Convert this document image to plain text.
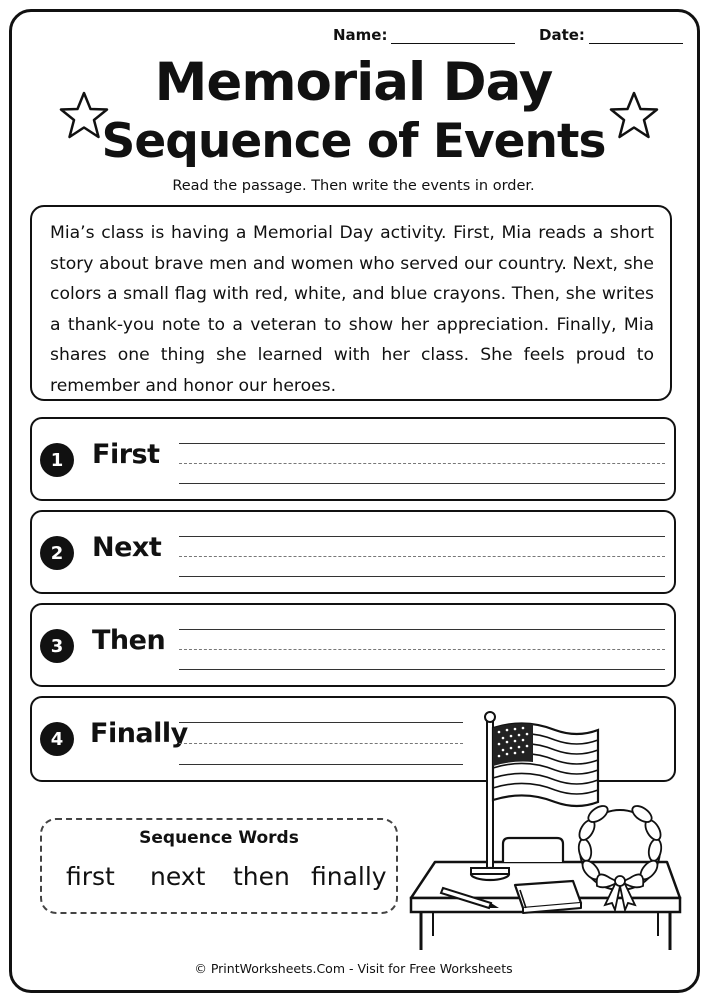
Name:	Date:
Memorial Day
Sequence of Events
Read the passage. Then write the events in order.
Mia’s class is having a Memorial Day activity. First, Mia reads a short story about brave men and women who served our country. Next, she colors a small flag with red, white, and blue crayons. Then, she writes a thank-you note to a veteran to show her appreciation. Finally, Mia shares one thing she learned with her class. She feels proud to remember and honor our heroes.
1	First
2	Next
3	Then
4 Finally
Sequence Words
first next then finally
© PrintWorksheets.Com - Visit for Free Worksheets
